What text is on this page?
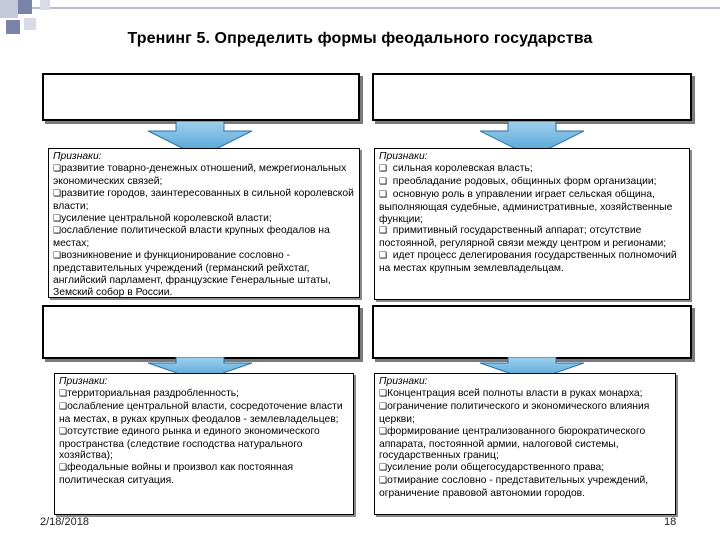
Тренинг 5. Определить формы феодального государства

Признаки:

❑развитие товарно-денежных отношений, межрегиональных экономических связей;

❑развитие городов, заинтересованных в сильной королевской власти;

❑усиление центральной королевской власти;

❑ослабление политической власти крупных феодалов на местах;

❑возникновение и функционирование сословно - представительных учреждений (германский рейхстаг, английский парламент, французские Генеральные штаты, Земский собор в России.

Признаки:

❑  сильная королевская власть;

❑  преобладание родовых, общинных форм организации;

❑  основную роль в управлении играет сельская община, выполняющая судебные, административные, хозяйственные функции;

❑  примитивный государственный аппарат; отсутствие постоянной, регулярной связи между центром и регионами;

❑  идет процесс делегирования государственных полномочий на местах крупным землевладельцам.

Признаки:

❑территориальная раздробленность;

❑ослабление центральной власти, сосредоточение власти на местах, в руках крупных феодалов - землевладельцев;

❑отсутствие единого рынка и единого экономического пространства (следствие господства натурального хозяйства);

❑феодальные войны и произвол как постоянная политическая ситуация.

Признаки:

❑Концентрация всей полноты власти в руках монарха;

❑ограничение политического и экономического влияния церкви;

❑формирование централизованного бюрократического аппарата, постоянной армии, налоговой системы, государственных границ;

❑усиление роли общегосударственного права;

❑отмирание сословно - представительных учреждений, ограничение правовой автономии городов.

2/18/2018	18
